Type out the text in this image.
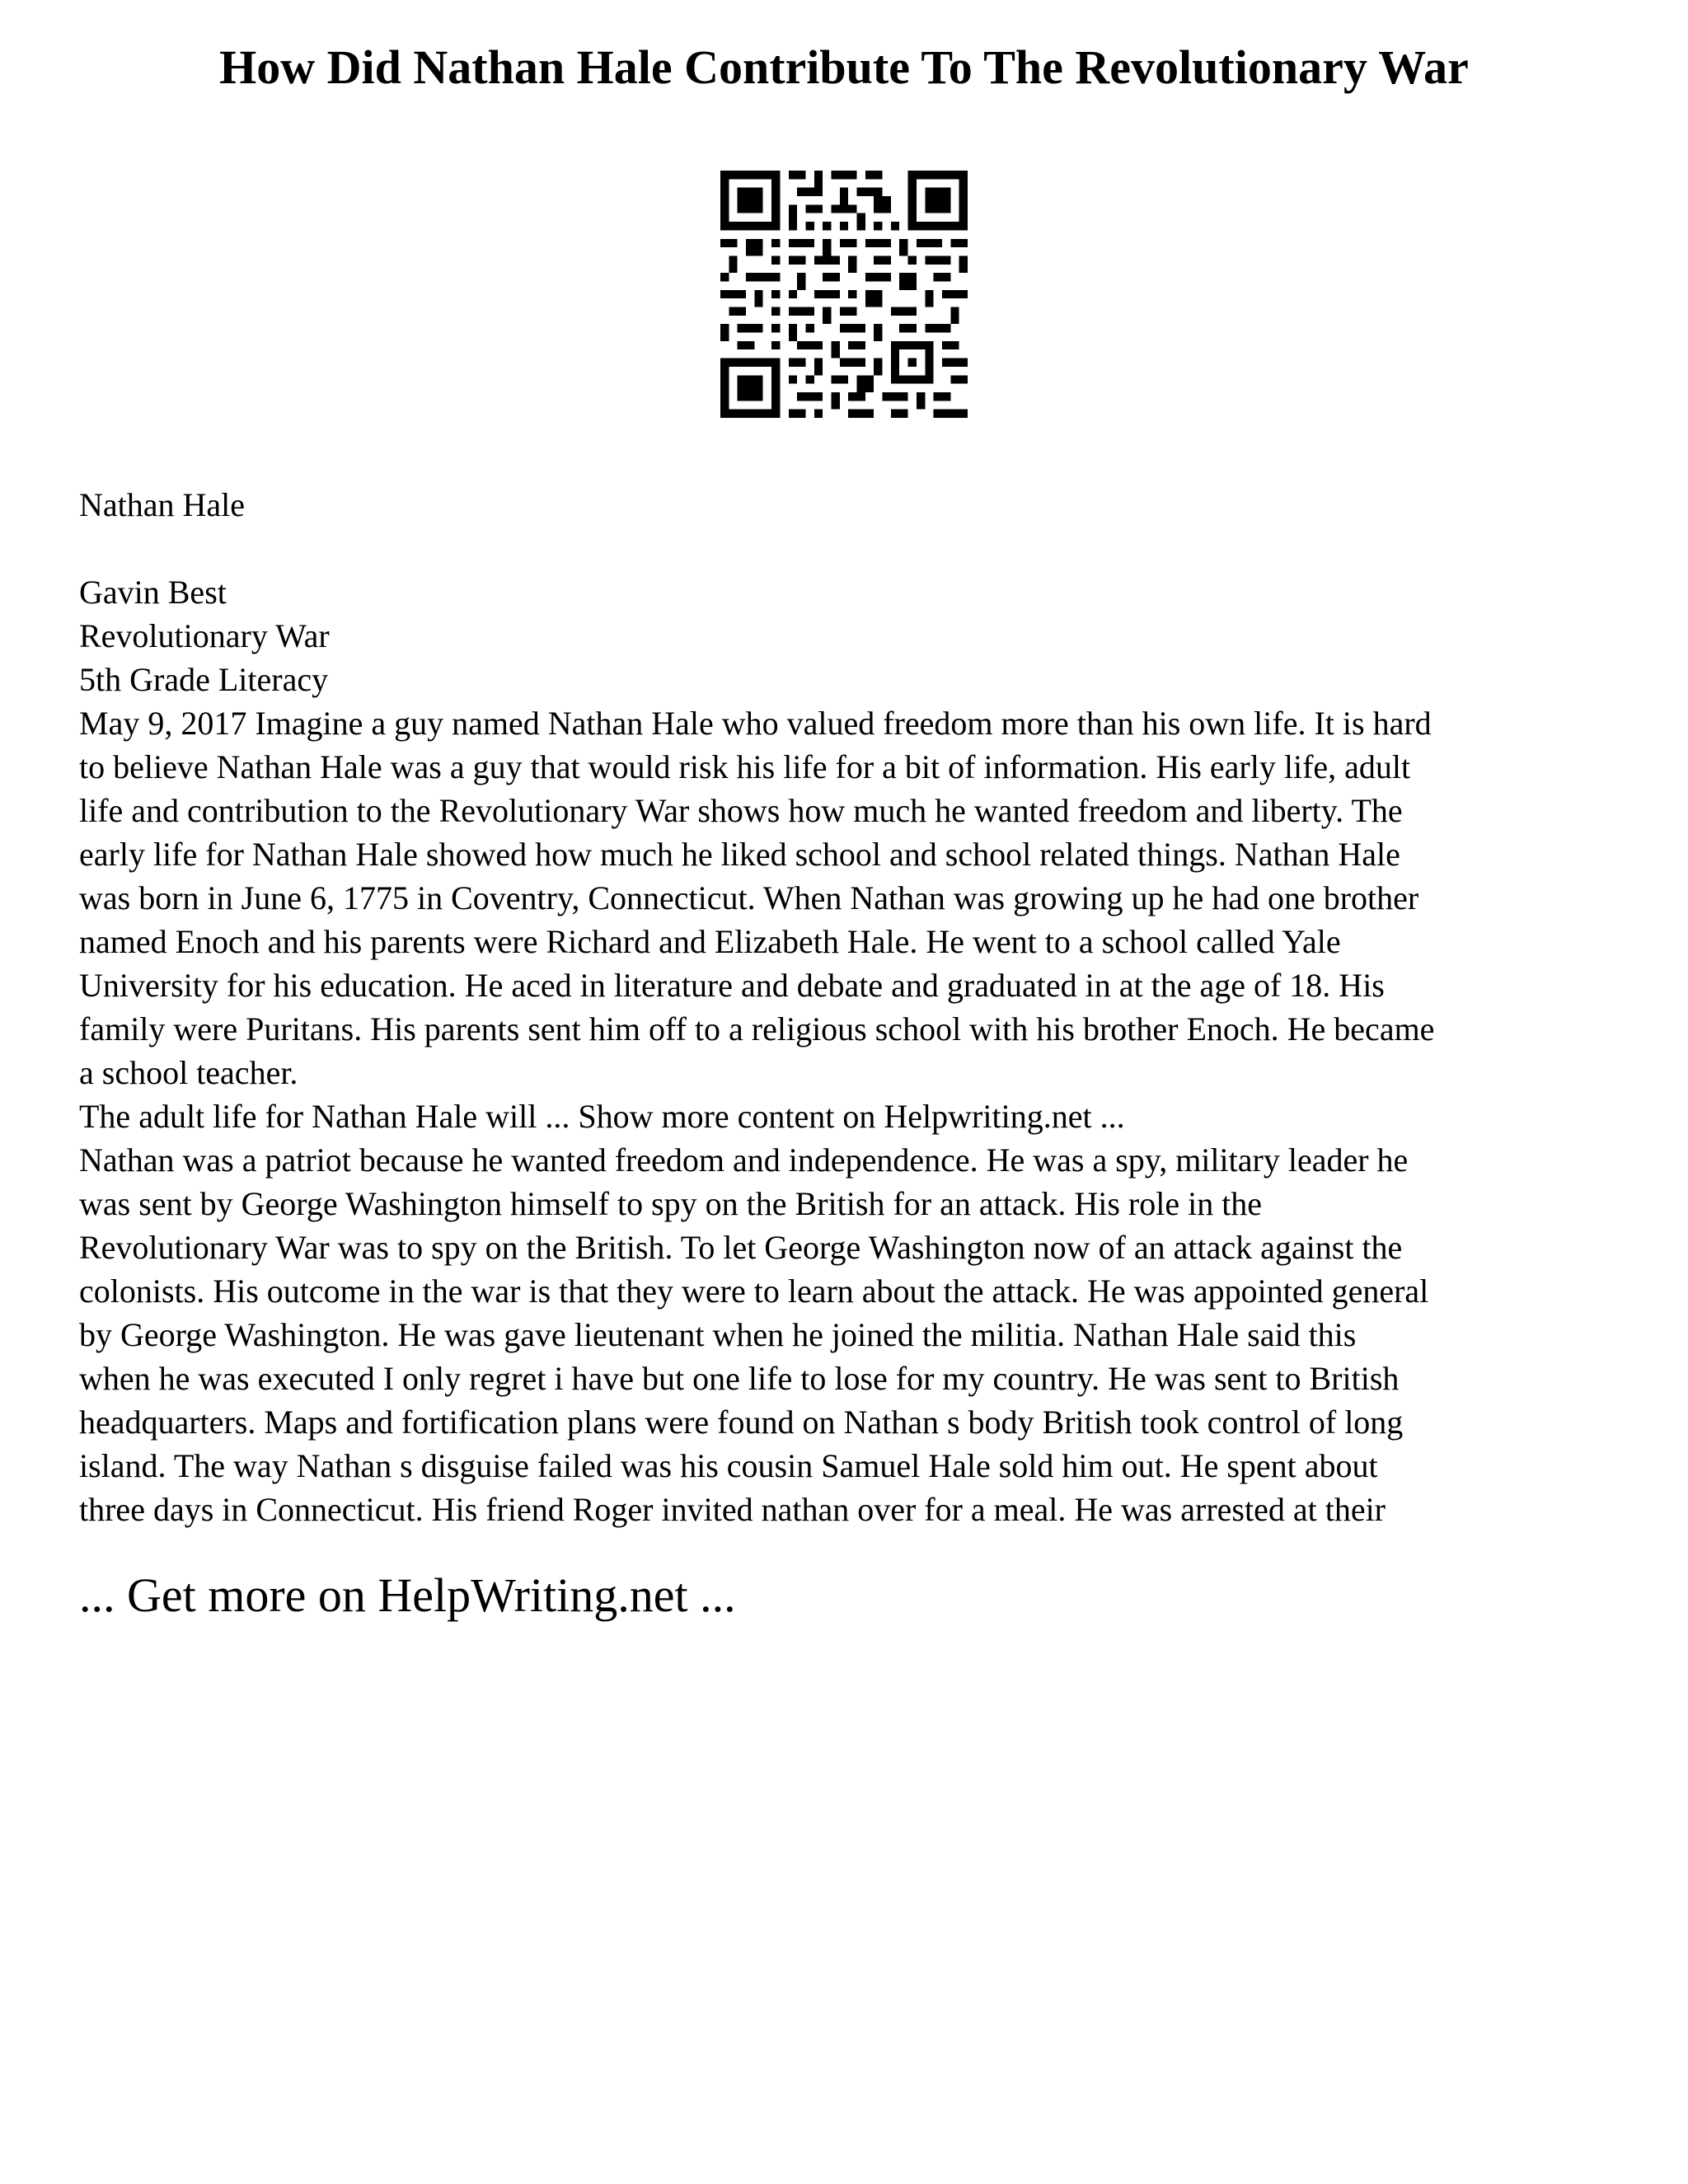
How Did Nathan Hale Contribute To The Revolutionary War

Nathan Hale

Gavin Best
Revolutionary War
5th Grade Literacy
May 9, 2017 Imagine a guy named Nathan Hale who valued freedom more than his own life. It is hard
to believe Nathan Hale was a guy that would risk his life for a bit of information. His early life, adult
life and contribution to the Revolutionary War shows how much he wanted freedom and liberty. The
early life for Nathan Hale showed how much he liked school and school related things. Nathan Hale
was born in June 6, 1775 in Coventry, Connecticut. When Nathan was growing up he had one brother
named Enoch and his parents were Richard and Elizabeth Hale. He went to a school called Yale
University for his education. He aced in literature and debate and graduated in at the age of 18. His
family were Puritans. His parents sent him off to a religious school with his brother Enoch. He became
a school teacher.
The adult life for Nathan Hale will ... Show more content on Helpwriting.net ...
Nathan was a patriot because he wanted freedom and independence. He was a spy, military leader he
was sent by George Washington himself to spy on the British for an attack. His role in the
Revolutionary War was to spy on the British. To let George Washington now of an attack against the
colonists. His outcome in the war is that they were to learn about the attack. He was appointed general
by George Washington. He was gave lieutenant when he joined the militia. Nathan Hale said this
when he was executed I only regret i have but one life to lose for my country. He was sent to British
headquarters. Maps and fortification plans were found on Nathan s body British took control of long
island. The way Nathan s disguise failed was his cousin Samuel Hale sold him out. He spent about
three days in Connecticut. His friend Roger invited nathan over for a meal. He was arrested at their

... Get more on HelpWriting.net ...
